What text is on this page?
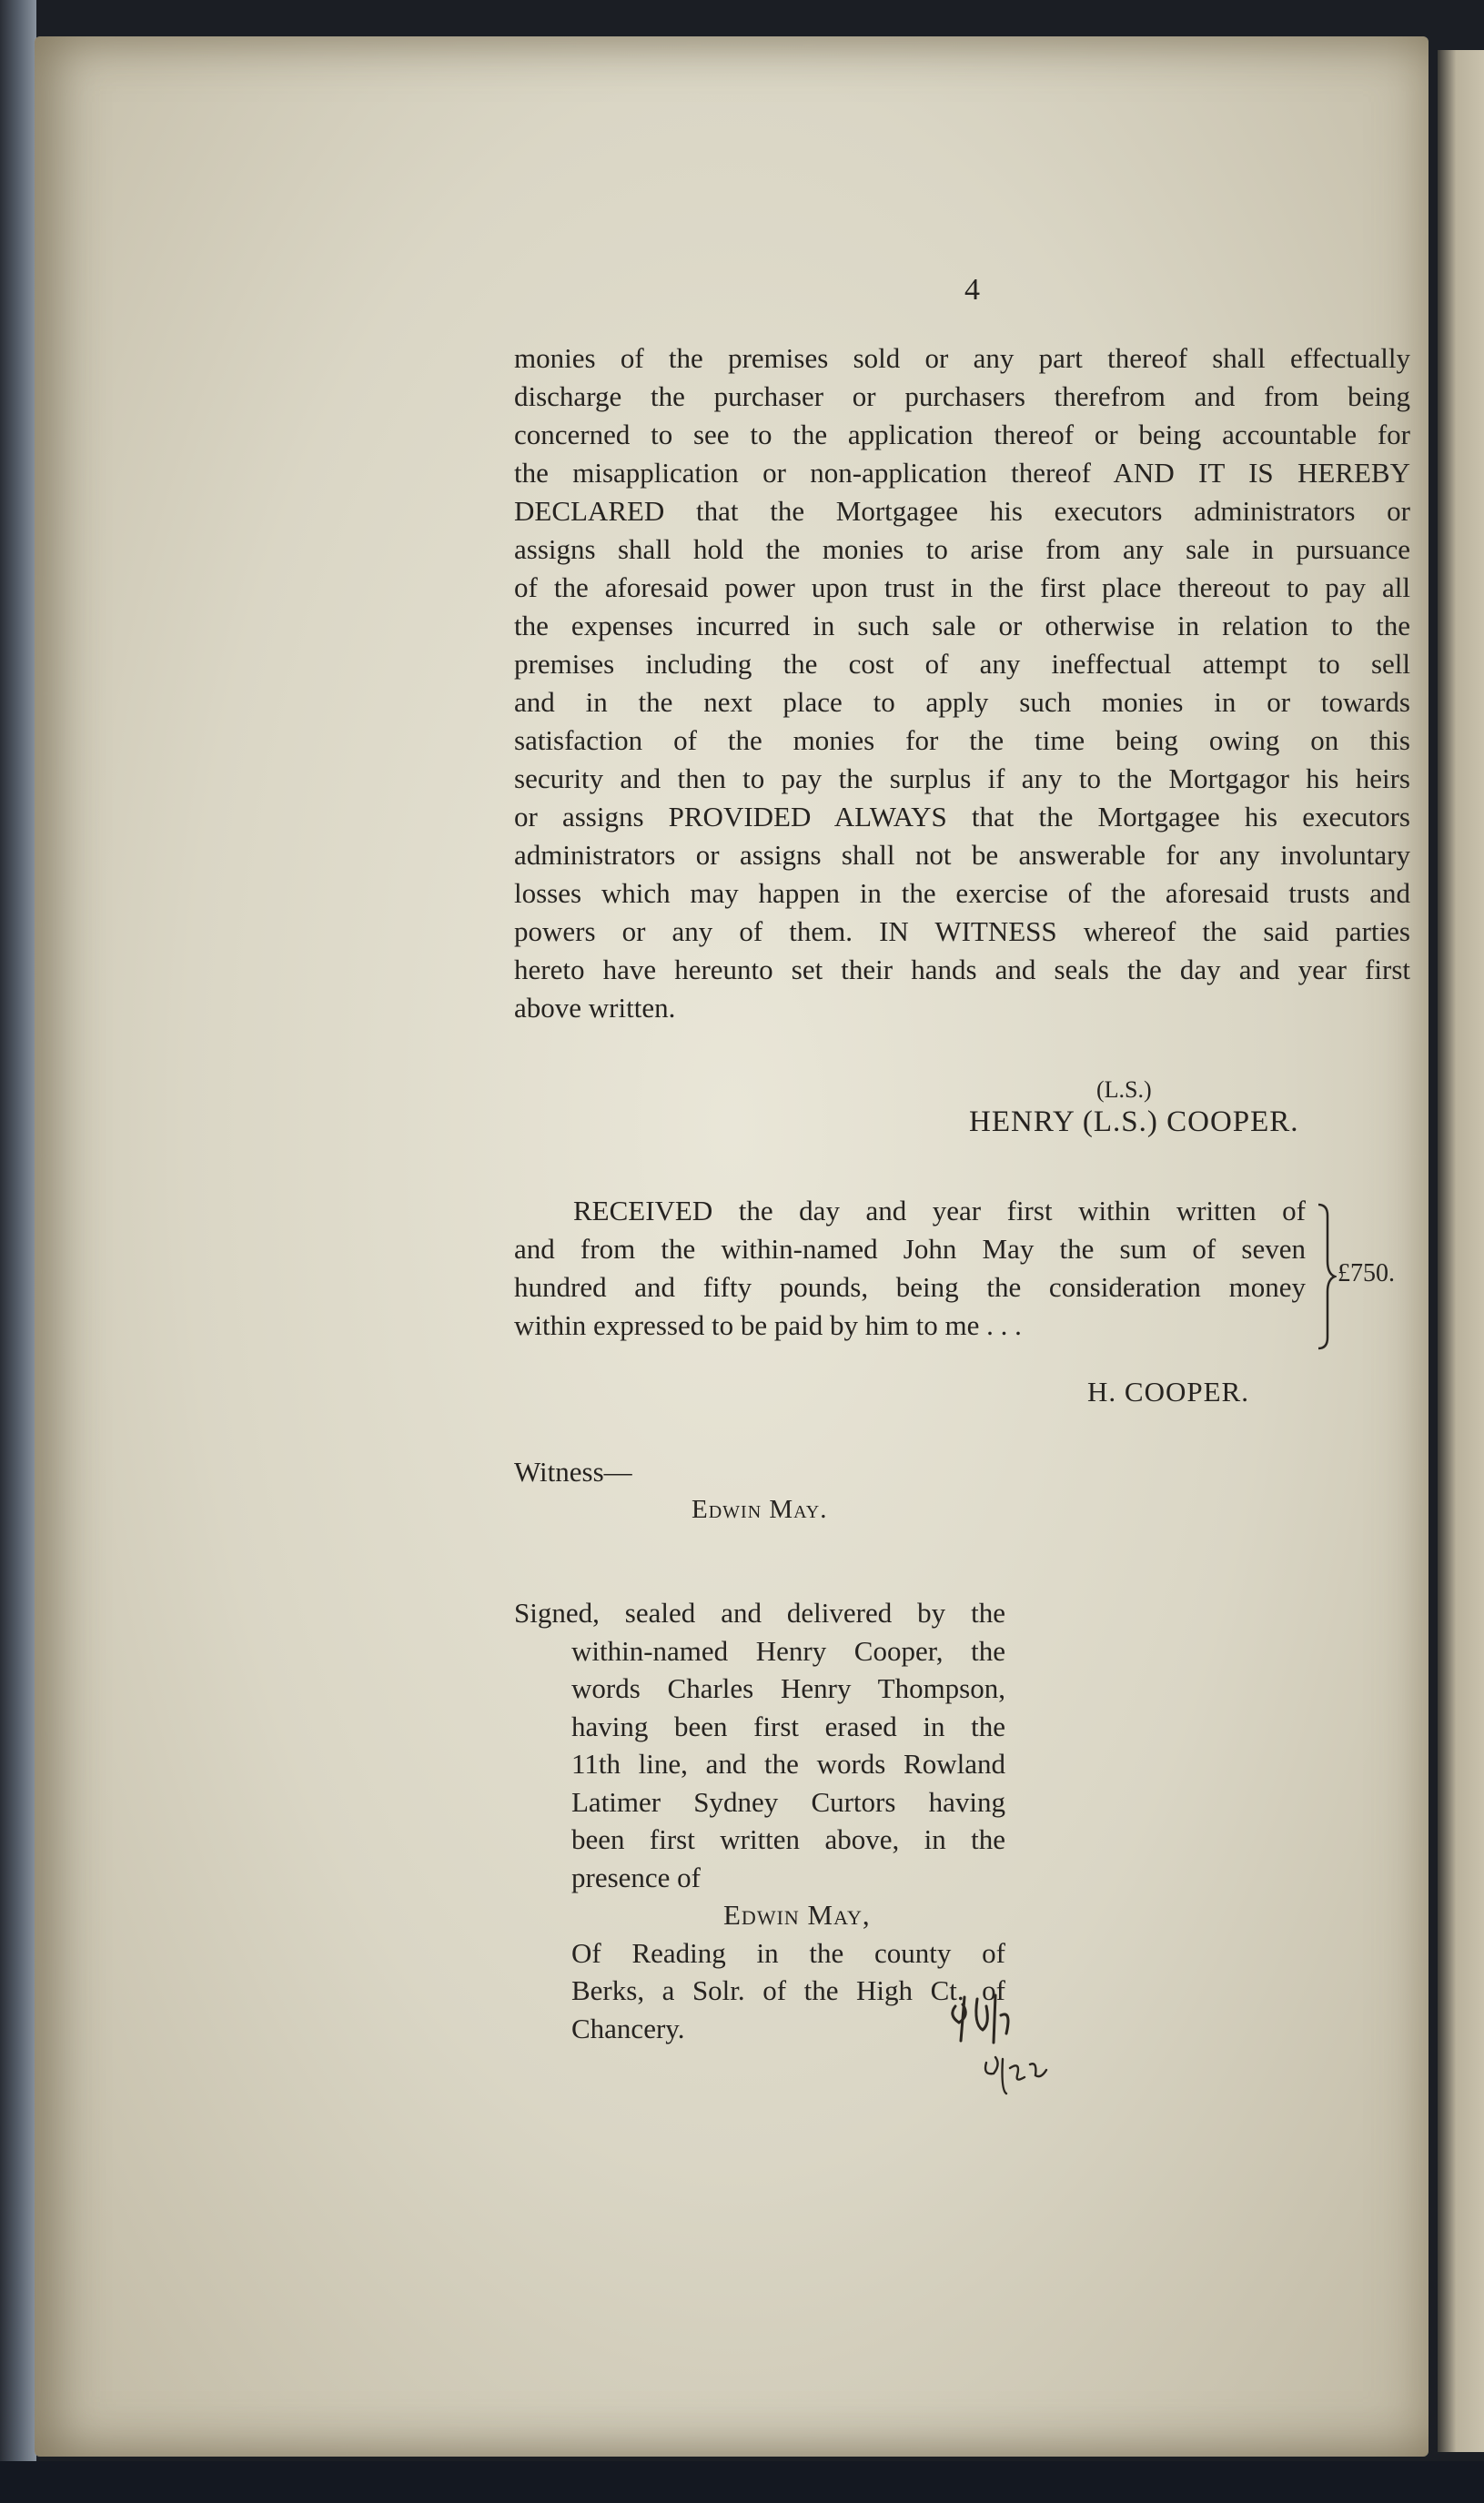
4
monies of the premises sold or any part thereof shall effectually
discharge the purchaser or purchasers therefrom and from being
concerned to see to the application thereof or being accountable for
the misapplication or non-application thereof AND IT IS HEREBY
DECLARED that the Mortgagee his executors administrators or
assigns shall hold the monies to arise from any sale in pursuance
of the aforesaid power upon trust in the first place thereout to pay all
the expenses incurred in such sale or otherwise in relation to the
premises including the cost of any ineffectual attempt to sell
and in the next place to apply such monies in or towards
satisfaction of the monies for the time being owing on this
security and then to pay the surplus if any to the Mortgagor his heirs
or assigns PROVIDED ALWAYS that the Mortgagee his executors
administrators or assigns shall not be answerable for any involuntary
losses which may happen in the exercise of the aforesaid trusts and
powers or any of them. IN WITNESS whereof the said parties
hereto have hereunto set their hands and seals the day and year first
above written.
(L.S.)
HENRY (L.S.) COOPER.
RECEIVED the day and year first within written of
and from the within-named John May the sum of seven
hundred and fifty pounds, being the consideration money
within expressed to be paid by him to me . . .
£750.
H. COOPER.
Witness—
Edwin May.
Signed, sealed and delivered by the
within-named Henry Cooper, the
words Charles Henry Thompson,
having been first erased in the
11th line, and the words Rowland
Latimer Sydney Curtors having
been first written above, in the
presence of
Edwin May,
Of Reading in the county of
Berks, a Solr. of the High Ct. of
Chancery.
